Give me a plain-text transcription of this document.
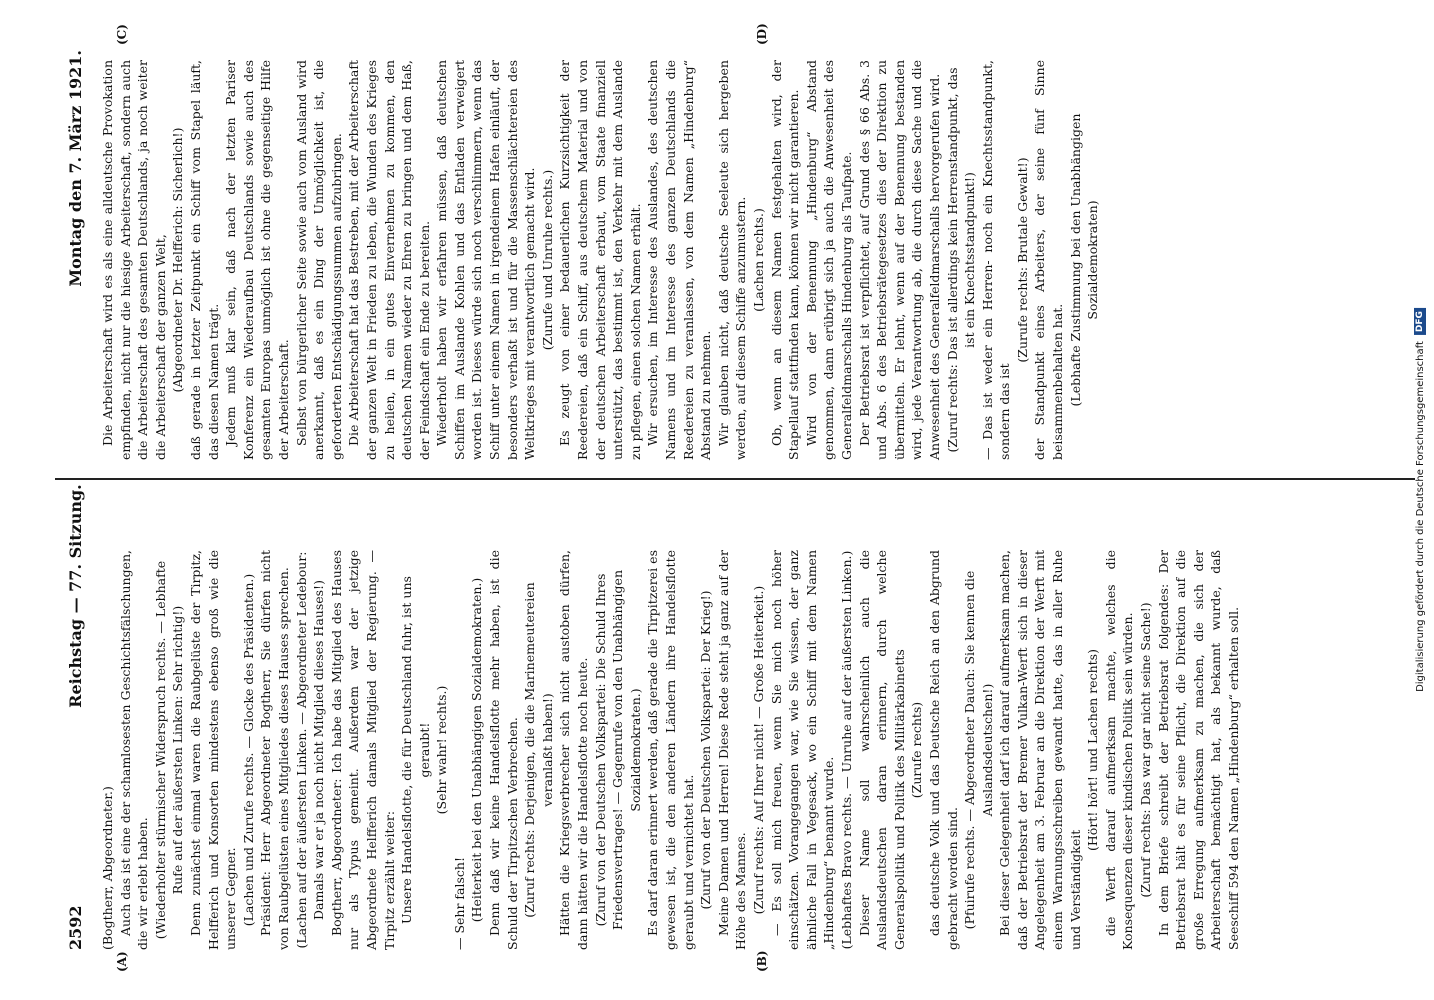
2592
Reichstag — 77. Sitzung.
Montag den 7. März 1921.
(A)	(B)
(C)	(D)

(Bogtherr, Abgeordneter.) Auch das ist eine der schamlosesten Geschichtsfälschungen, die wir erlebt haben. (Wiederholter stürmischer Widerspruch rechts. — Lebhafte Rufe auf der äußersten Linken: Sehr richtig!) Denn zunächst einmal waren die Raubgelüste der Tirpitz, Helfferich und Konsorten mindestens ebenso groß wie die unserer Gegner. (Lachen und Zurufe rechts. — Glocke des Präsidenten.) Präsident: Herr Abgeordneter Bogtherr, Sie dürfen nicht von Raubgelüsten eines Mitgliedes dieses Hauses sprechen. (Lachen auf der äußersten Linken. — Abgeordneter Ledebour: Damals war er ja noch nicht Mitglied dieses Hauses!) Bogtherr, Abgeordneter: Ich habe das Mitglied des Hauses nur als Typus gemeint. Außerdem war der jetzige Abgeordnete Helfferich damals Mitglied der Regierung. — Tirpitz erzählt weiter: Unsere Handelsflotte, die für Deutschland fuhr, ist uns geraubt! (Sehr wahr! rechts.)

— Sehr falsch! (Heiterkeit bei den Unabhängigen Sozialdemokraten.) Denn daß wir keine Handelsflotte mehr haben, ist die Schuld der Tirpitzschen Verbrechen. (Zuruf rechts: Derjenigen, die die Marinemeutereien veranlaßt haben!) Hätten die Kriegsverbrecher sich nicht austoben dürfen, dann hätten wir die Handelsflotte noch heute. (Zuruf von der Deutschen Volkspartei: Die Schuld Ihres Friedensvertrages! — Gegenrufe von den Unabhängigen Sozialdemokraten.) Es darf daran erinnert werden, daß gerade die Tirpitzerei es gewesen ist, die den anderen Ländern ihre Handelsflotte geraubt und vernichtet hat. (Zuruf von der Deutschen Volkspartei: Der Krieg!) Meine Damen und Herren! Diese Rede steht ja ganz auf der Höhe des Mannes. (Zuruf rechts: Auf Ihrer nicht! — Große Heiterkeit.) — Es soll mich freuen, wenn Sie mich noch höher einschätzen. Vorangegangen war, wie Sie wissen, der ganz ähnliche Fall in Vegesack, wo ein Schiff mit dem Namen „Hindenburg“ benannt wurde. (Lebhaftes Bravo rechts. — Unruhe auf der äußersten Linken.) Dieser Name soll wahrscheinlich auch die Auslandsdeutschen daran erinnern, durch welche Generalspolitik und Politik des Militärkabinetts (Zurufe rechts) das deutsche Volk und das Deutsche Reich an den Abgrund gebracht worden sind. (Pfuirufe rechts. — Abgeordneter Dauch: Sie kennen die Auslandsdeutschen!) Bei dieser Gelegenheit darf ich darauf aufmerksam machen, daß der Betriebsrat der Bremer Vulkan-Werft sich in dieser Angelegenheit am 3. Februar an die Direktion der Werft mit einem Warnungsschreiben gewandt hatte, das in aller Ruhe und Verständigkeit

(Hört! hört! und Lachen rechts) die Werft darauf aufmerksam machte, welches die Konsequenzen dieser kindischen Politik sein würden. (Zuruf rechts: Das war gar nicht seine Sache!) In dem Briefe schreibt der Betriebsrat folgendes: Der Betriebsrat hält es für seine Pflicht, die Direktion auf die große Erregung aufmerksam zu machen, die sich der Arbeiterschaft bemächtigt hat, als bekannt wurde, daß Seeschiff 594 den Namen „Hindenburg“ erhalten soll.

Die Arbeiterschaft wird es als eine alldeutsche Provokation empfinden, nicht nur die hiesige Arbeiterschaft, sondern auch die Arbeiterschaft des gesamten Deutschlands, ja noch weiter die Arbeiterschaft der ganzen Welt, (Abgeordneter Dr. Helfferich: Sicherlich!) daß gerade in letzter Zeitpunkt ein Schiff vom Stapel läuft, das diesen Namen trägt. Jedem muß klar sein, daß nach der letzten Pariser Konferenz ein Wiederaufbau Deutschlands sowie auch des gesamten Europas unmöglich ist ohne die gegenseitige Hilfe der Arbeiterschaft. Selbst von bürgerlicher Seite sowie auch vom Ausland wird anerkannt, daß es ein Ding der Unmöglichkeit ist, die geforderten Entschädigungssummen aufzubringen. Die Arbeiterschaft hat das Bestreben, mit der Arbeiterschaft der ganzen Welt in Frieden zu leben, die Wunden des Krieges zu heilen, in ein gutes Einvernehmen zu kommen, den deutschen Namen wieder zu Ehren zu bringen und dem Haß, der Feindschaft ein Ende zu bereiten. Wiederholt haben wir erfahren müssen, daß deutschen Schiffen im Auslande Kohlen und das Entladen verweigert worden ist. Dieses würde sich noch verschlimmern, wenn das Schiff unter einem Namen in irgendeinem Hafen einläuft, der besonders verhaßt ist und für die Massenschlächtereien des Weltkrieges mit verantwortlich gemacht wird. (Zurufe und Unruhe rechts.) Es zeugt von einer bedauerlichen Kurzsichtigkeit der Reedereien, daß ein Schiff, aus deutschem Material und von der deutschen Arbeiterschaft erbaut, vom Staate finanziell unterstützt, das bestimmt ist, den Verkehr mit dem Auslande zu pflegen, einen solchen Namen erhält. Wir ersuchen, im Interesse des Auslandes, des deutschen Namens und im Interesse des ganzen Deutschlands die Reedereien zu veranlassen, von dem Namen „Hindenburg“ Abstand zu nehmen. Wir glauben nicht, daß deutsche Seeleute sich hergeben werden, auf diesem Schiffe anzumustern. (Lachen rechts.) Ob, wenn an diesem Namen festgehalten wird, der Stapellauf stattfinden kann, können wir nicht garantieren. Wird von der Benennung „Hindenburg“ Abstand genommen, dann erübrigt sich ja auch die Anwesenheit des Generalfeldmarschalls Hindenburg als Taufpate. Der Betriebsrat ist verpflichtet, auf Grund des § 66 Abs. 3 und Abs. 6 des Betriebsrätegesetzes dies der Direktion zu übermitteln. Er lehnt, wenn auf der Benennung bestanden wird, jede Verantwortung ab, die durch diese Sache und die Anwesenheit des Generalfeldmarschalls hervorgerufen wird. (Zuruf rechts: Das ist allerdings kein Herrenstandpunkt, das ist ein Knechtsstandpunkt!) — Das ist weder ein Herren- noch ein Knechtsstandpunkt, sondern das ist

(Zurufe rechts: Brutale Gewalt!) der Standpunkt eines Arbeiters, der seine fünf Sinne beisammenbehalten hat. (Lebhafte Zustimmung bei den Unabhängigen Sozialdemokraten)

Digitalisierung gefördert durch die Deutsche Forschungsgemeinschaft
DFG
